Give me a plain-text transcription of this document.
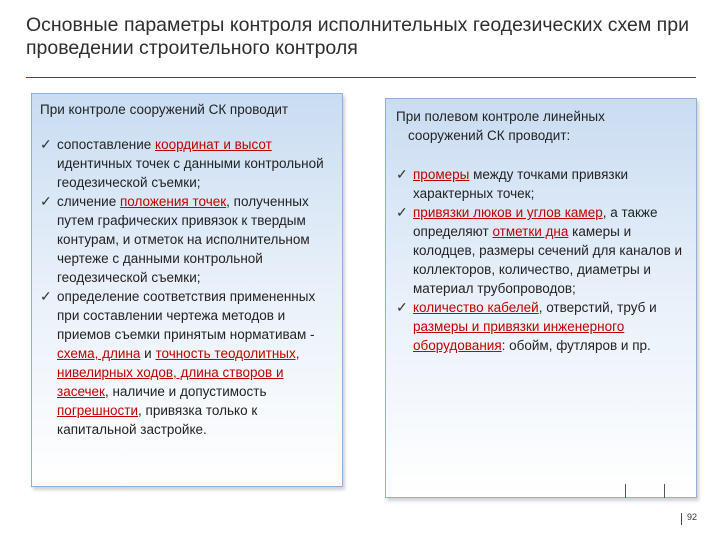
Основные параметры контроля исполнительных геодезических схем при проведении строительного контроля

При контроле сооружений СК проводит

✓ сопоставление координат и высот идентичных точек с данными контрольной геодезической съемки;
✓ сличение положения точек, полученных путем графических привязок к твердым контурам, и отметок на исполнительном чертеже с данными контрольной геодезической съемки;
✓ определение соответствия примененных при составлении чертежа методов и приемов съемки принятым нормативам - схема, длина и точность теодолитных, нивелирных ходов, длина створов и засечек, наличие и допустимость погрешности, привязка только к капитальной застройке.

При полевом контроле линейных
сооружений СК проводит:

✓ промеры между точками привязки характерных точек;
✓ привязки люков и углов камер, а также определяют отметки дна камеры и колодцев, размеры сечений для каналов и коллекторов, количество, диаметры и материал трубопроводов;
✓ количество кабелей, отверстий, труб и размеры и привязки инженерного оборудования: обойм, футляров и пр.
92
